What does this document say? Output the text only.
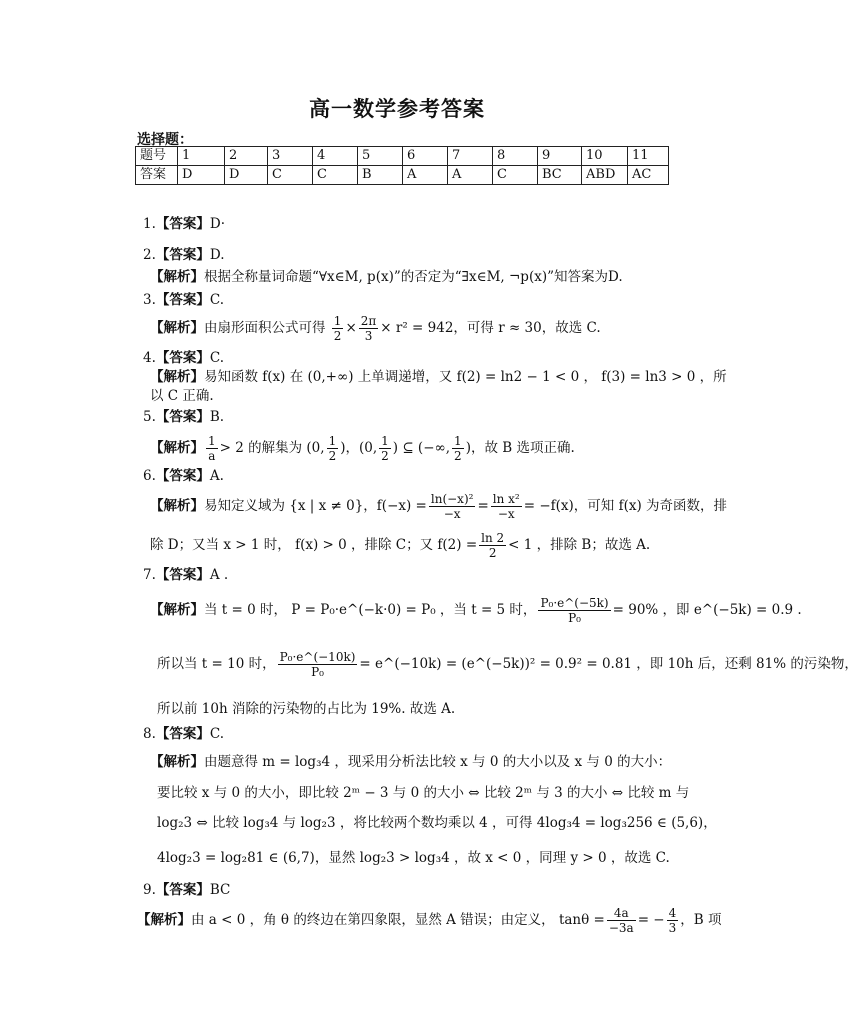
高一数学参考答案
选择题：
题号	1	2	3	4	5	6	7	8	9	10	11
答案	D	D	C	C	B	A	A	C	BC	ABD	AC
1.【答案】D·
2.【答案】D.
【解析】根据全称量词命题“∀x∈M, p(x)”的否定为“∃x∈M, ¬p(x)”知答案为D.
3.【答案】C.
【解析】由扇形面积公式可得 $\frac{1}{2} \times \frac{2\pi}{3} \times r^2 = 942$，可得 r ≈ 30，故选 C.
4.【答案】C.
【解析】易知函数 f(x) 在 (0,+∞) 上单调递增，又 f(2) = ln2 − 1 < 0 ， f(3) = ln3 > 0 ，所
以 C 正确.
5.【答案】B.
【解析】 $\frac{1}{a} > 2$ 的解集为 (0, $\frac{1}{2}$ )，(0, $\frac{1}{2}$ ) ⊆ (−∞, $\frac{1}{2}$ )，故 B 选项正确.
6.【答案】A.
【解析】易知定义域为 {x | x ≠ 0}，$f(-x) = \frac{\text{ln(−x)²}}{-x} = \frac{\text{ln x²}}{-x} = -f(x)$，可知 f(x) 为奇函数，排
除 D；又当 x > 1 时， f(x) > 0 ，排除 C；又 $f(2) = \frac{\ln 2}{2} < 1$ ，排除 B；故选 A.
7.【答案】A .
【解析】当 t = 0 时， P = P₀·e^(−k·0) = P₀ ，当 t = 5 时， $\frac{\text{P₀·e\textasciicircum{}(−5k)}}{\text{P₀}} = 90\%$ ，即 e^(−5k) = 0.9 .
所以当 t = 10 时， $\frac{\text{P₀·e\textasciicircum{}(−10k)}}{\text{P₀}}$ = e^(−10k) = (e^(−5k))² = 0.9² = 0.81 ，即 10h 后，还剩 81% 的污染物，
所以前 10h 消除的污染物的占比为 19%. 故选 A.
8.【答案】C.
【解析】由题意得 m = log₃4 ，现采用分析法比较 x 与 0 的大小以及 x 与 0 的大小：
要比较 x 与 0 的大小，即比较 2ᵐ − 3 与 0 的大小 ⇔ 比较 2ᵐ 与 3 的大小 ⇔ 比较 m 与
log₂3 ⇔ 比较 log₃4 与 log₂3 ，将比较两个数均乘以 4 ，可得 4log₃4 = log₃256 ∈ (5,6)，
4log₂3 = log₂81 ∈ (6,7)，显然 log₂3 > log₃4 ，故 x < 0 ，同理 y > 0 ，故选 C.
9.【答案】BC
【解析】由 a < 0 ，角 θ 的终边在第四象限，显然 A 错误；由定义， $\tan\theta = \frac{4a}{-3a}$ = − $\frac{4}{3}$ ，B 项
